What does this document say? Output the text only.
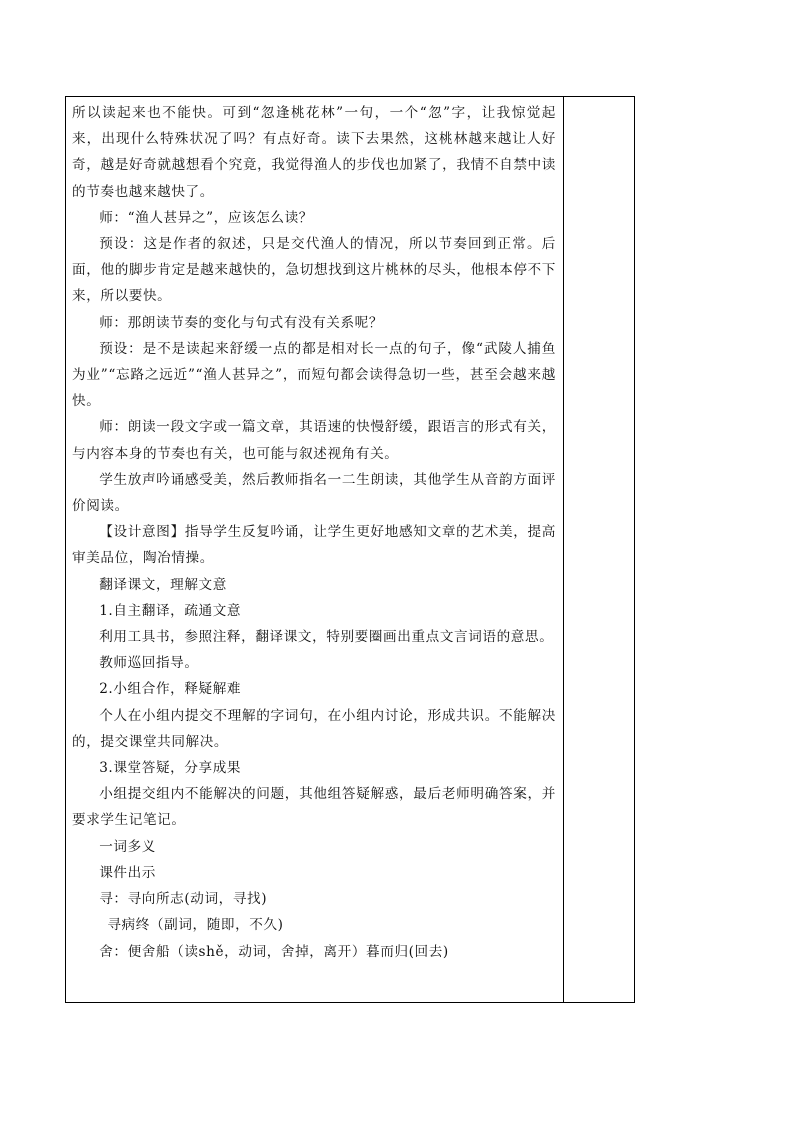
所以读起来也不能快。可到“忽逢桃花林”一句，一个“忽”字，让我惊觉起来，出现什么特殊状况了吗？有点好奇。读下去果然，这桃林越来越让人好奇，越是好奇就越想看个究竟，我觉得渔人的步伐也加紧了，我情不自禁中读的节奏也越来越快了。

师：“渔人甚异之”，应该怎么读？

预设：这是作者的叙述，只是交代渔人的情况，所以节奏回到正常。后面，他的脚步肯定是越来越快的，急切想找到这片桃林的尽头，他根本停不下来，所以要快。

师：那朗读节奏的变化与句式有没有关系呢？

预设：是不是读起来舒缓一点的都是相对长一点的句子，像“武陵人捕鱼为业”“忘路之远近”“渔人甚异之”，而短句都会读得急切一些，甚至会越来越快。

师：朗读一段文字或一篇文章，其语速的快慢舒缓，跟语言的形式有关，与内容本身的节奏也有关，也可能与叙述视角有关。

学生放声吟诵感受美，然后教师指名一二生朗读，其他学生从音韵方面评价阅读。

【设计意图】指导学生反复吟诵，让学生更好地感知文章的艺术美，提高审美品位，陶冶情操。

翻译课文，理解文意

1.自主翻译，疏通文意

利用工具书，参照注释，翻译课文，特别要圈画出重点文言词语的意思。

教师巡回指导。

2.小组合作，释疑解难

个人在小组内提交不理解的字词句，在小组内讨论，形成共识。不能解决的，提交课堂共同解决。

3.课堂答疑，分享成果

小组提交组内不能解决的问题，其他组答疑解惑，最后老师明确答案，并要求学生记笔记。

一词多义

课件出示

寻：寻向所志(动词，寻找)

寻病终（副词，随即，不久)

舍：便舍船（读shě，动词，舍掉，离开）暮而归(回去)
